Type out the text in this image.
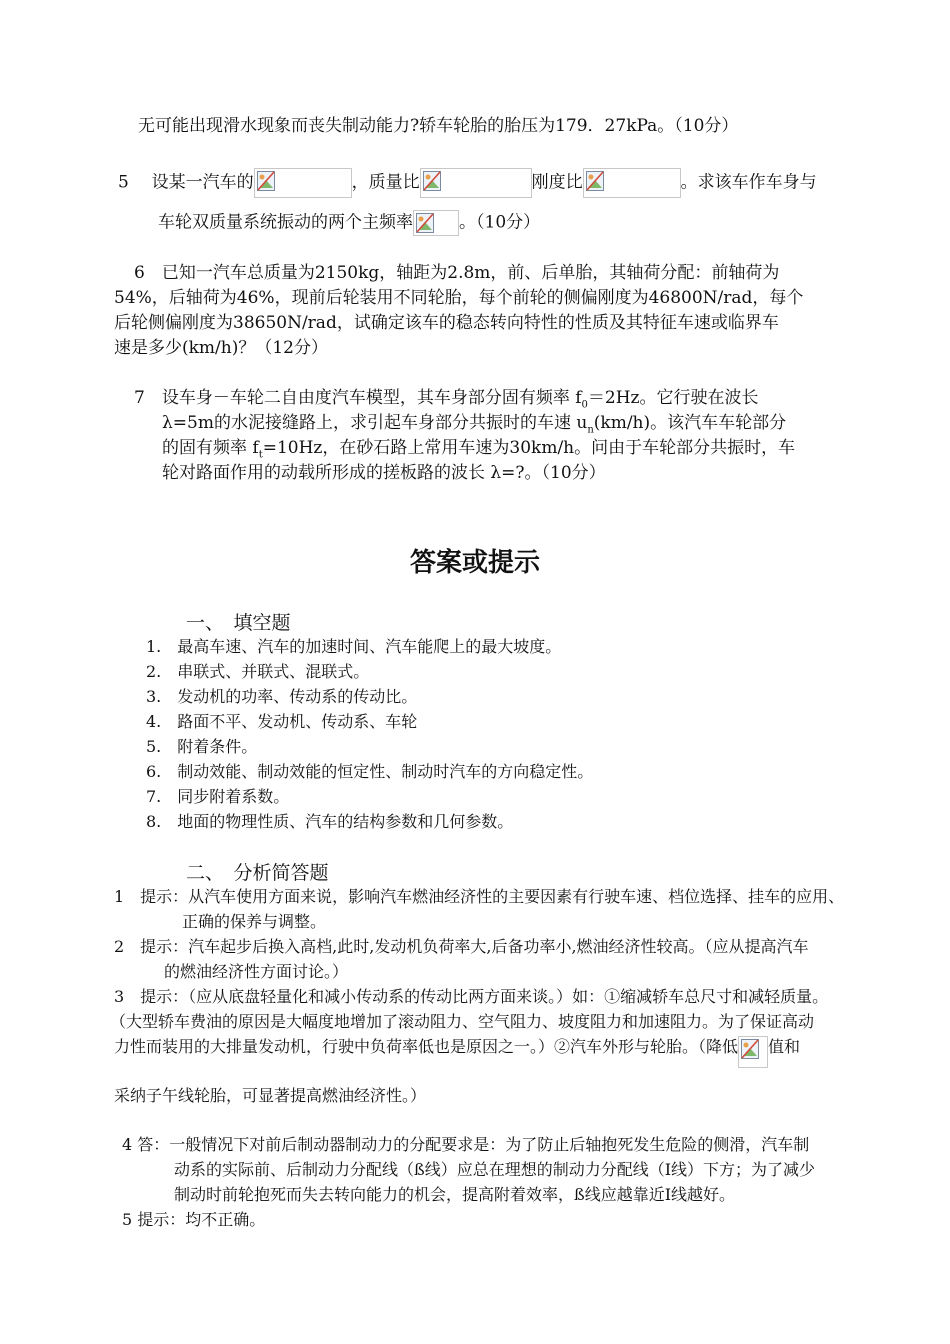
无可能出现滑水现象而丧失制动能力?轿车轮胎的胎压为179．27kPa。（10分）
5 设某一汽车的	，质量比	刚度比	。求该车作车身与
车轮双质量系统振动的两个主频率	。（10分）
6　已知一汽车总质量为2150kg，轴距为2.8m，前、后单胎，其轴荷分配：前轴荷为
54%，后轴荷为46%，现前后轮装用不同轮胎，每个前轮的侧偏刚度为46800N/rad，每个
后轮侧偏刚度为38650N/rad，试确定该车的稳态转向特性的性质及其特征车速或临界车
速是多少(km/h)？（12分）
7　设车身－车轮二自由度汽车模型，其车身部分固有频率 $f_0=2Hz$。它行驶在波长
λ=5m的水泥接缝路上，求引起车身部分共振时的车速 $u_n(km/h)$。该汽车车轮部分
的固有频率 $f_t=10Hz$，在砂石路上常用车速为30km/h。问由于车轮部分共振时，车
轮对路面作用的动载所形成的搓板路的波长 λ=?。（10分）
答案或提示
一、　填空题
1.　最高车速、汽车的加速时间、汽车能爬上的最大坡度。
2.　串联式、并联式、混联式。
3.　发动机的功率、传动系的传动比。
4.　路面不平、发动机、传动系、车轮
5.　附着条件。
6.　制动效能、制动效能的恒定性、制动时汽车的方向稳定性。
7.　同步附着系数。
8.　地面的物理性质、汽车的结构参数和几何参数。
二、　分析简答题
1　提示：从汽车使用方面来说，影响汽车燃油经济性的主要因素有行驶车速、档位选择、挂车的应用、
正确的保养与调整。
2　提示：汽车起步后换入高档,此时,发动机负荷率大,后备功率小,燃油经济性较高。（应从提高汽车
的燃油经济性方面讨论。）
3　提示：（应从底盘轻量化和减小传动系的传动比两方面来谈。）如：①缩减轿车总尺寸和减轻质量。
（大型轿车费油的原因是大幅度地增加了滚动阻力、空气阻力、坡度阻力和加速阻力。为了保证高动
力性而装用的大排量发动机，行驶中负荷率低也是原因之一。）②汽车外形与轮胎。（降低 值和
采纳子午线轮胎，可显著提高燃油经济性。）
4 答：一般情况下对前后制动器制动力的分配要求是：为了防止后轴抱死发生危险的侧滑，汽车制
动系的实际前、后制动力分配线（ß线）应总在理想的制动力分配线（I线）下方；为了减少
制动时前轮抱死而失去转向能力的机会，提高附着效率，ß线应越靠近I线越好。
5 提示：均不正确。
